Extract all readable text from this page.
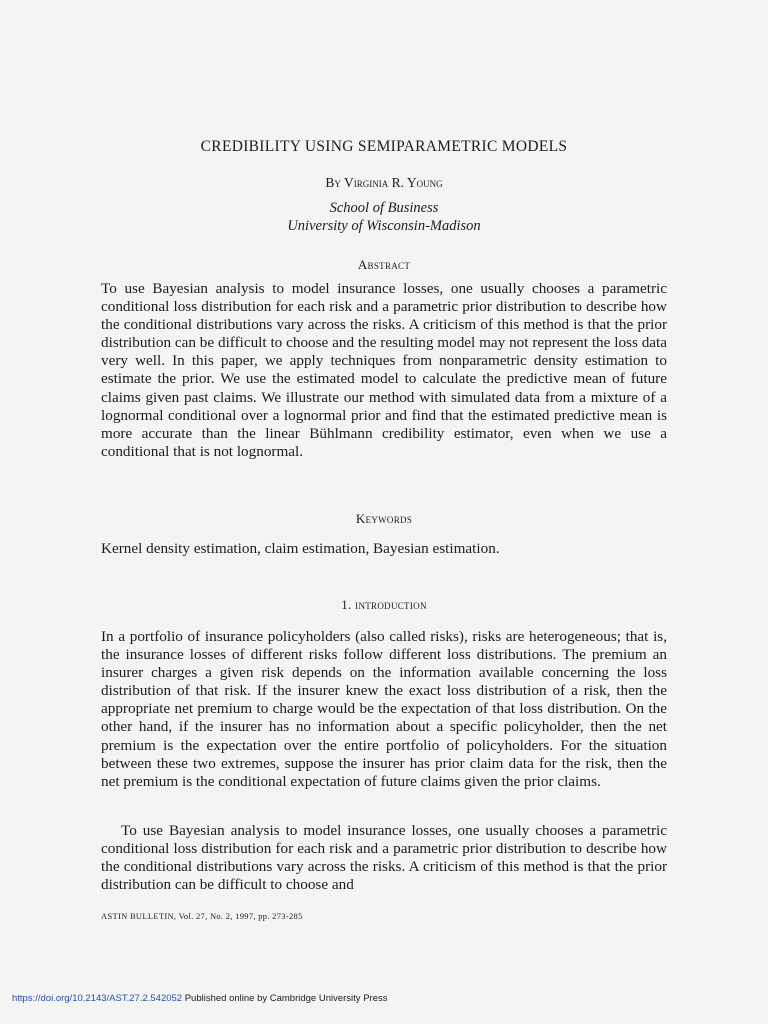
CREDIBILITY USING SEMIPARAMETRIC MODELS
By Virginia R. Young
School of Business
University of Wisconsin-Madison
Abstract
To use Bayesian analysis to model insurance losses, one usually chooses a parametric conditional loss distribution for each risk and a parametric prior distribution to describe how the conditional distributions vary across the risks. A criticism of this method is that the prior distribution can be difficult to choose and the resulting model may not represent the loss data very well. In this paper, we apply techniques from nonparametric density estimation to estimate the prior. We use the estimated model to calculate the predictive mean of future claims given past claims. We illustrate our method with simulated data from a mixture of a lognormal conditional over a lognormal prior and find that the estimated predictive mean is more accurate than the linear Bühlmann credibility estimator, even when we use a conditional that is not lognormal.
Keywords
Kernel density estimation, claim estimation, Bayesian estimation.
1. introduction
In a portfolio of insurance policyholders (also called risks), risks are heterogeneous; that is, the insurance losses of different risks follow different loss distributions. The premium an insurer charges a given risk depends on the information available concerning the loss distribution of that risk. If the insurer knew the exact loss distribution of a risk, then the appropriate net premium to charge would be the expectation of that loss distribution. On the other hand, if the insurer has no information about a specific policyholder, then the net premium is the expectation over the entire portfolio of policyholders. For the situation between these two extremes, suppose the insurer has prior claim data for the risk, then the net premium is the conditional expectation of future claims given the prior claims.
To use Bayesian analysis to model insurance losses, one usually chooses a parametric conditional loss distribution for each risk and a parametric prior distribution to describe how the conditional distributions vary across the risks. A criticism of this method is that the prior distribution can be difficult to choose and
ASTIN BULLETIN, Vol. 27, No. 2, 1997, pp. 273-285
https://doi.org/10.2143/AST.27.2.542052 Published online by Cambridge University Press
